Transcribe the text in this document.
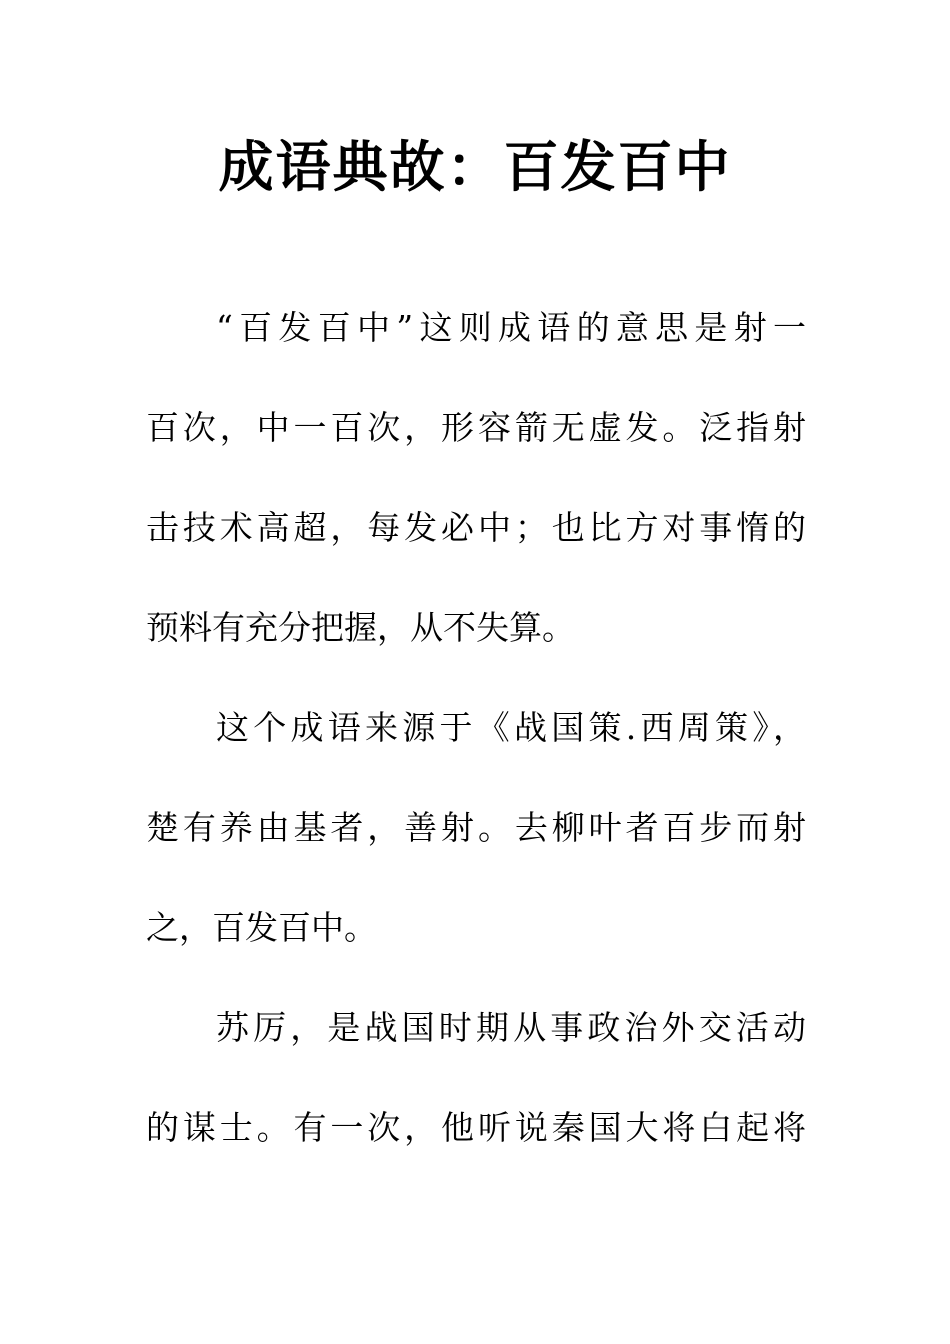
成语典故：百发百中
“百发百中”这则成语的意思是射一
百次，中一百次，形容箭无虚发。泛指射
击技术高超，每发必中；也比方对事惰的
预料有充分把握，从不失算。
这个成语来源于《战国策.西周策》，
楚有养由基者，善射。去柳叶者百步而射
之，百发百中。
苏厉，是战国时期从事政治外交活动
的谋士。有一次，他听说秦国大将白起将
